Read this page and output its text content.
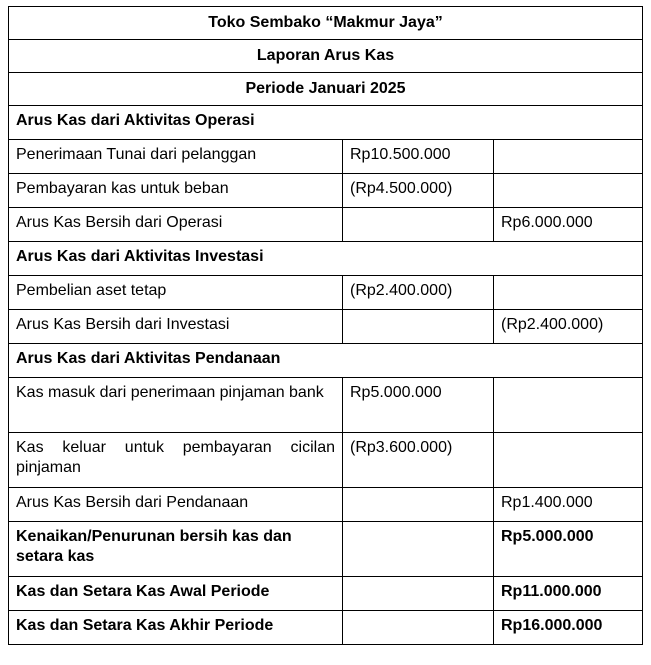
Toko Sembako “Makmur Jaya”		
Laporan Arus Kas		
Periode Januari 2025		
Arus Kas dari Aktivitas Operasi		
Penerimaan Tunai dari pelanggan	Rp10.500.000	
Pembayaran kas untuk beban	(Rp4.500.000)	
Arus Kas Bersih dari Operasi		Rp6.000.000
Arus Kas dari Aktivitas Investasi		
Pembelian aset tetap	(Rp2.400.000)	
Arus Kas Bersih dari Investasi		(Rp2.400.000)
Arus Kas dari Aktivitas Pendanaan		
Kas masuk dari penerimaan pinjaman bank	Rp5.000.000	
Kas keluar untuk pembayaran cicilan pinjaman	(Rp3.600.000)	
Arus Kas Bersih dari Pendanaan		Rp1.400.000
Kenaikan/Penurunan bersih kas dan setara kas		Rp5.000.000
Kas dan Setara Kas Awal Periode		Rp11.000.000
Kas dan Setara Kas Akhir Periode		Rp16.000.000
